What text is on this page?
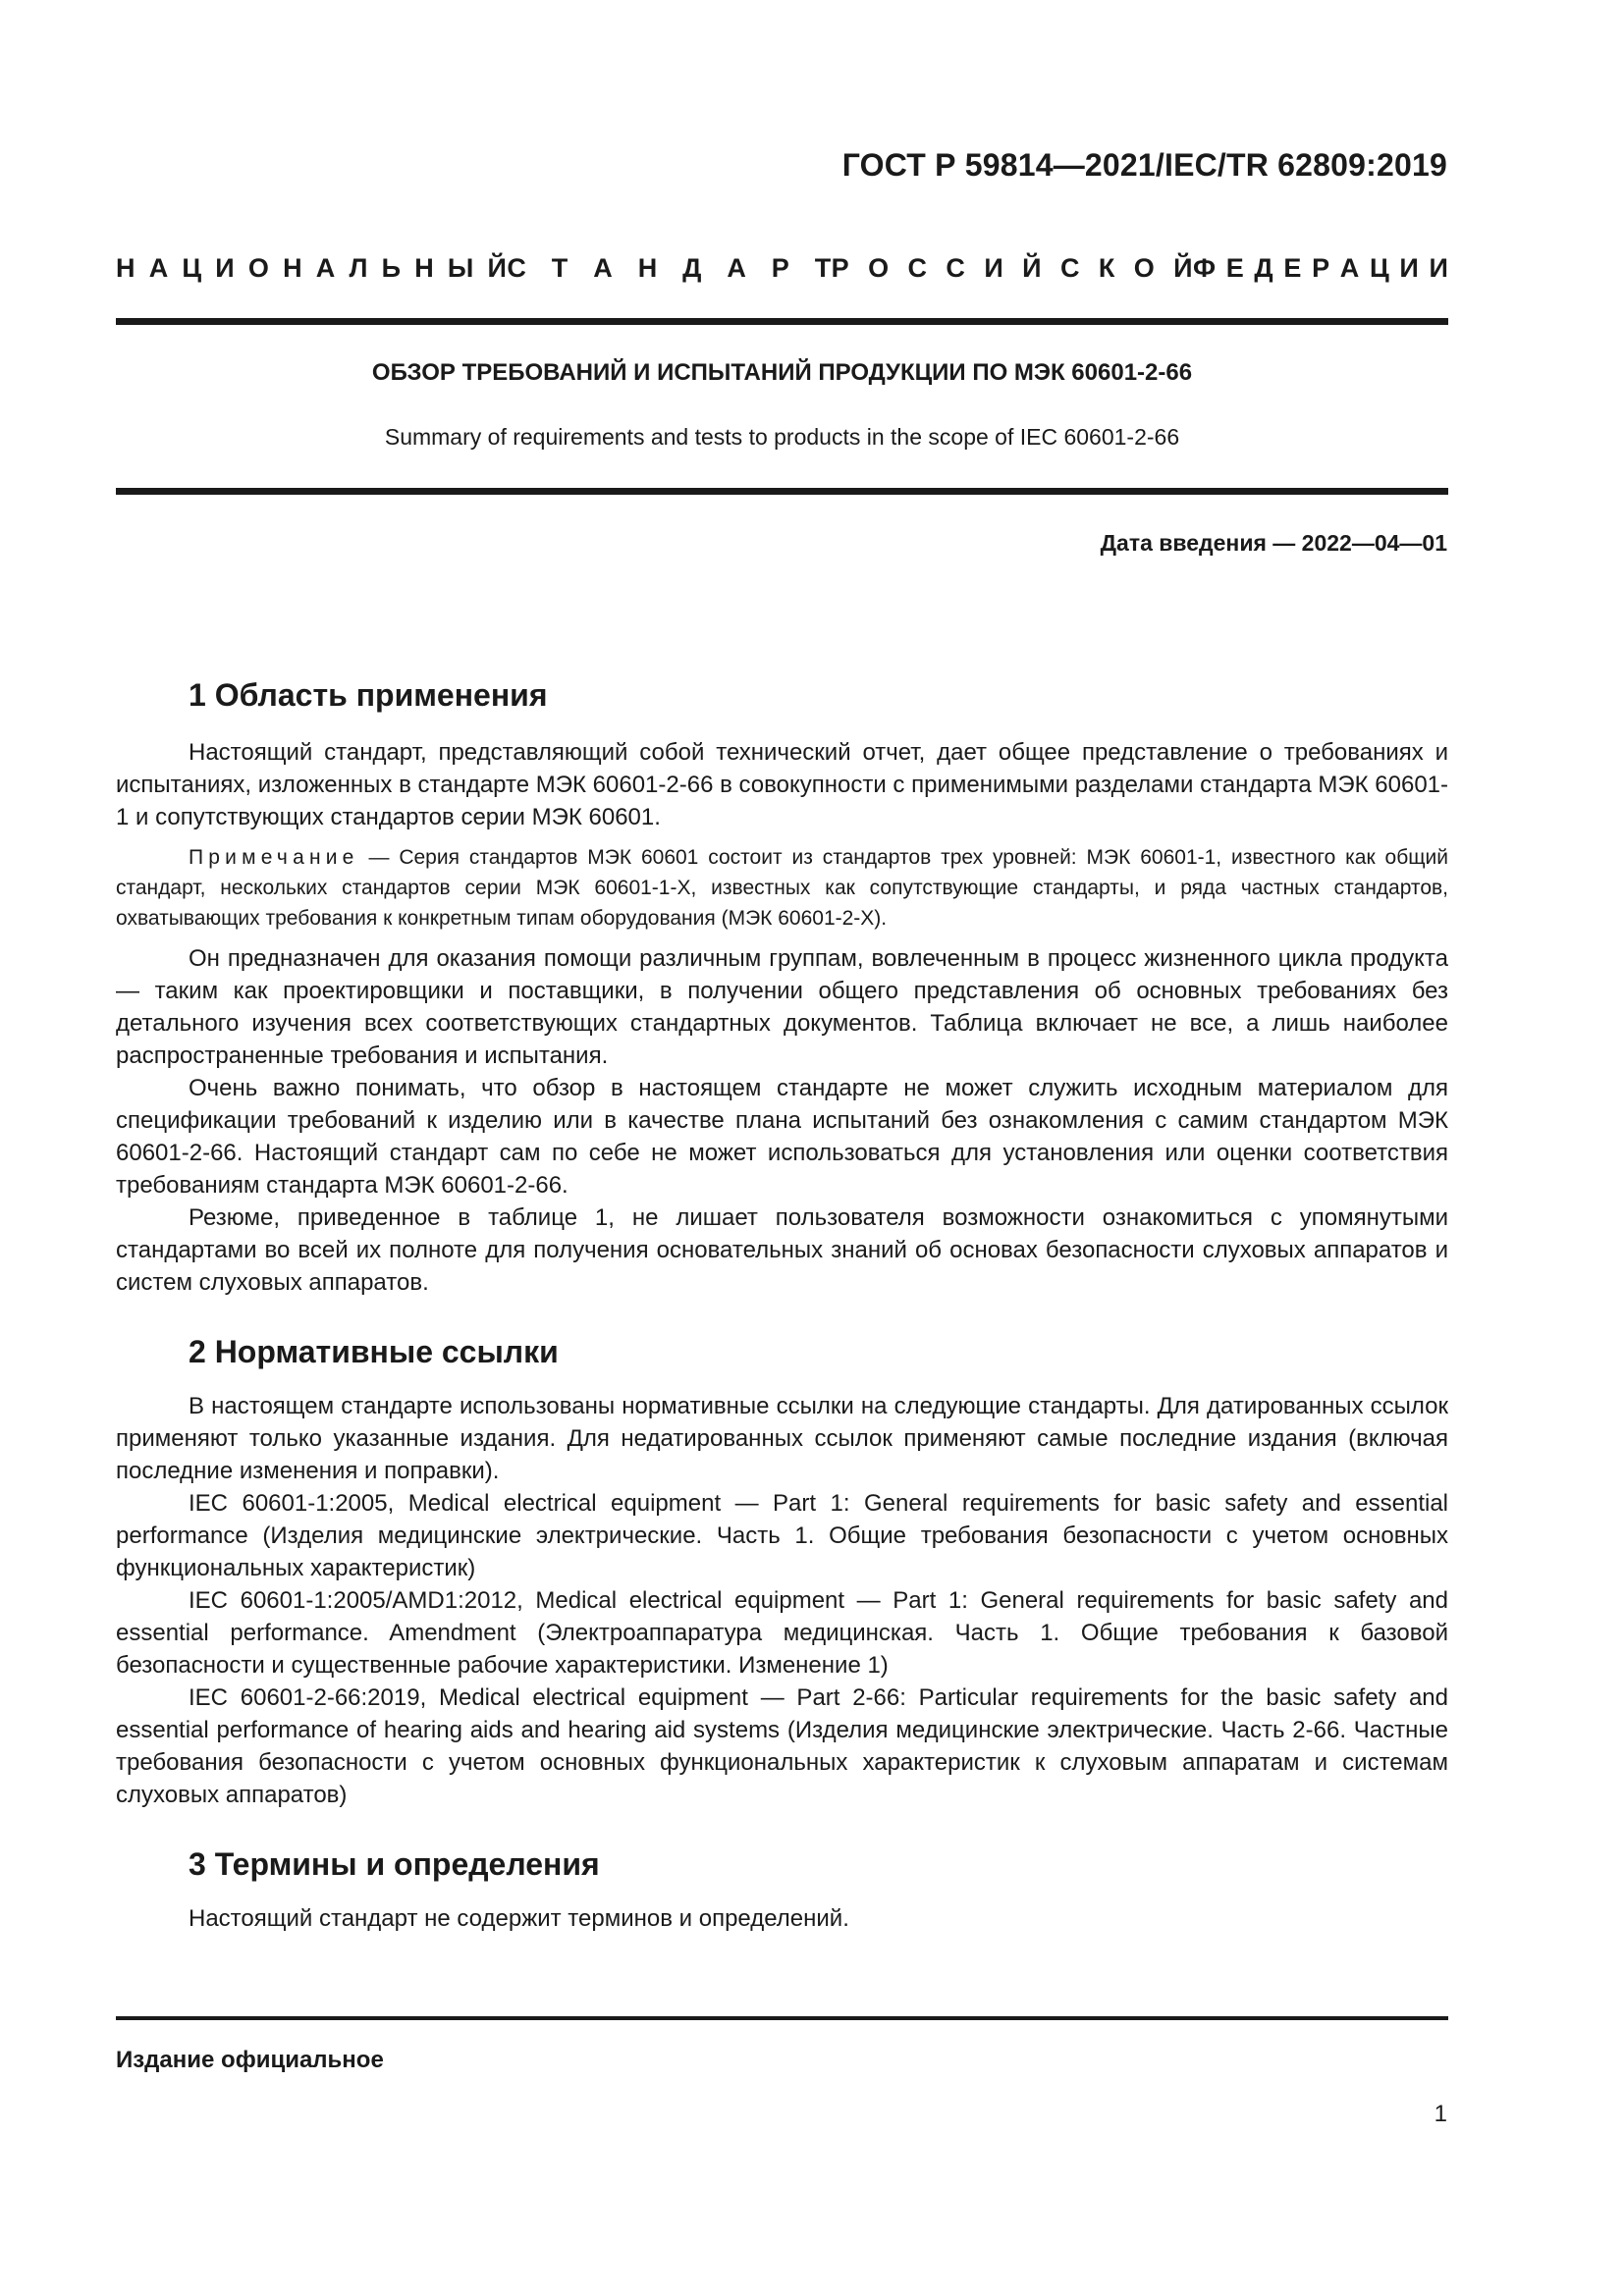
ГОСТ Р 59814—2021/IEC/TR 62809:2019
Н А Ц И О Н А Л Ь Н Ы Й С Т А Н Д А Р Т Р О С С И Й С К О Й Ф Е Д Е Р А Ц И И
ОБЗОР ТРЕБОВАНИЙ И ИСПЫТАНИЙ ПРОДУКЦИИ ПО МЭК 60601-2-66
Summary of requirements and tests to products in the scope of IEC 60601-2-66
Дата введения — 2022—04—01
1 Область применения

Настоящий стандарт, представляющий собой технический отчет, дает общее представление о требованиях и испытаниях, изложенных в стандарте МЭК 60601-2-66 в совокупности с применимыми разделами стандарта МЭК 60601-1 и сопутствующих стандартов серии МЭК 60601.

Примечание — Серия стандартов МЭК 60601 состоит из стандартов трех уровней: МЭК 60601-1, известного как общий стандарт, нескольких стандартов серии МЭК 60601-1-Х, известных как сопутствующие стандарты, и ряда частных стандартов, охватывающих требования к конкретным типам оборудования (МЭК 60601-2-Х).

Он предназначен для оказания помощи различным группам, вовлеченным в процесс жизненного цикла продукта — таким как проектировщики и поставщики, в получении общего представления об основных требованиях без детального изучения всех соответствующих стандартных документов. Таблица включает не все, а лишь наиболее распространенные требования и испытания.

Очень важно понимать, что обзор в настоящем стандарте не может служить исходным материалом для спецификации требований к изделию или в качестве плана испытаний без ознакомления с самим стандартом МЭК 60601-2-66. Настоящий стандарт сам по себе не может использоваться для установления или оценки соответствия требованиям стандарта МЭК 60601-2-66.

Резюме, приведенное в таблице 1, не лишает пользователя возможности ознакомиться с упомянутыми стандартами во всей их полноте для получения основательных знаний об основах безопасности слуховых аппаратов и систем слуховых аппаратов.

2 Нормативные ссылки

В настоящем стандарте использованы нормативные ссылки на следующие стандарты. Для датированных ссылок применяют только указанные издания. Для недатированных ссылок применяют самые последние издания (включая последние изменения и поправки).

IEC 60601-1:2005, Medical electrical equipment — Part 1: General requirements for basic safety and essential performance (Изделия медицинские электрические. Часть 1. Общие требования безопасности с учетом основных функциональных характеристик)

IEC 60601-1:2005/AMD1:2012, Medical electrical equipment — Part 1: General requirements for basic safety and essential performance. Amendment (Электроаппаратура медицинская. Часть 1. Общие требования к базовой безопасности и существенные рабочие характеристики. Изменение 1)

IEC 60601-2-66:2019, Medical electrical equipment — Part 2-66: Particular requirements for the basic safety and essential performance of hearing aids and hearing aid systems (Изделия медицинские электрические. Часть 2-66. Частные требования безопасности с учетом основных функциональных характеристик к слуховым аппаратам и системам слуховых аппаратов)

3 Термины и определения

Настоящий стандарт не содержит терминов и определений.

Издание официальное
1
